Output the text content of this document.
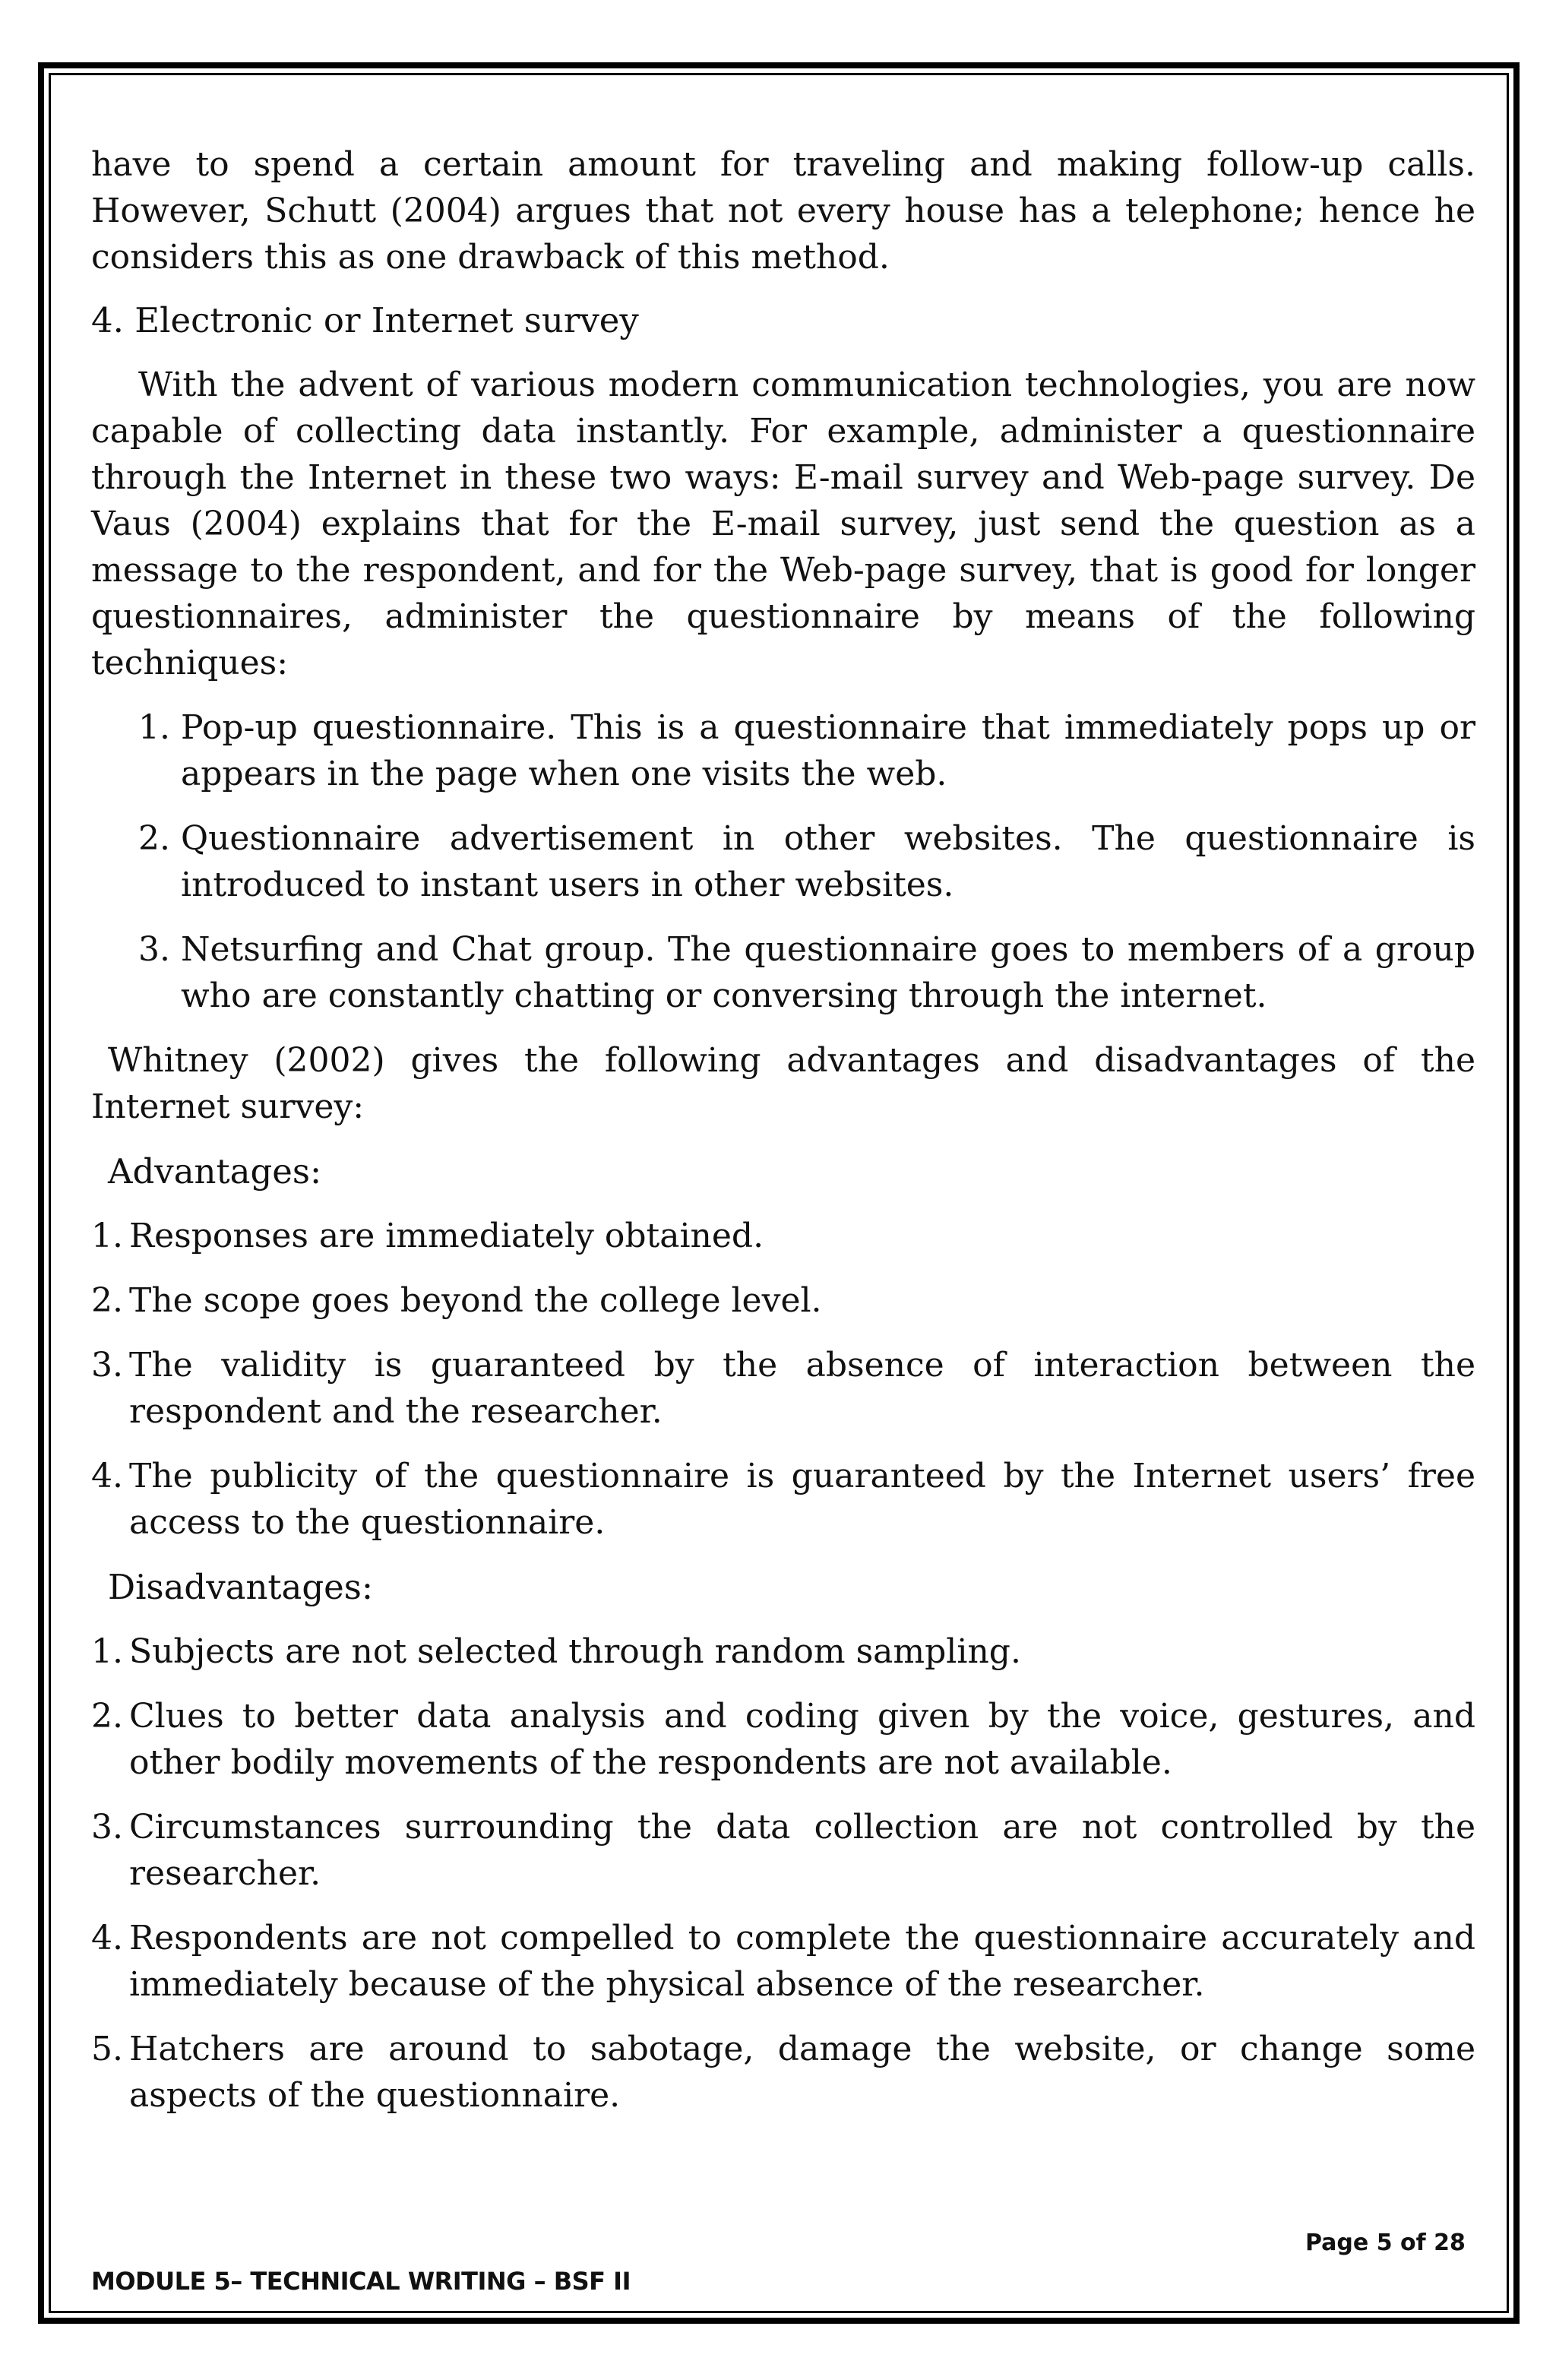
have to spend a certain amount for traveling and making follow-up calls. However, Schutt (2004) argues that not every house has a telephone; hence he considers this as one drawback of this method.

4. Electronic or Internet survey

With the advent of various modern communication technologies, you are now capable of collecting data instantly. For example, administer a questionnaire through the Internet in these two ways: E-mail survey and Web-page survey. De Vaus (2004) explains that for the E-mail survey, just send the question as a message to the respondent, and for the Web-page survey, that is good for longer questionnaires, administer the questionnaire by means of the following techniques:

1. Pop-up questionnaire. This is a questionnaire that immediately pops up or appears in the page when one visits the web.
2. Questionnaire advertisement in other websites. The questionnaire is introduced to instant users in other websites.
3. Netsurfing and Chat group. The questionnaire goes to members of a group who are constantly chatting or conversing through the internet.

Whitney (2002) gives the following advantages and disadvantages of the Internet survey:

Advantages:

1. Responses are immediately obtained.
2. The scope goes beyond the college level.
3. The validity is guaranteed by the absence of interaction between the respondent and the researcher.
4. The publicity of the questionnaire is guaranteed by the Internet users’ free access to the questionnaire.

Disadvantages:

1. Subjects are not selected through random sampling.
2. Clues to better data analysis and coding given by the voice, gestures, and other bodily movements of the respondents are not available.
3. Circumstances surrounding the data collection are not controlled by the researcher.
4. Respondents are not compelled to complete the questionnaire accurately and immediately because of the physical absence of the researcher.
5. Hatchers are around to sabotage, damage the website, or change some aspects of the questionnaire.
Page 5 of 28
MODULE 5– TECHNICAL WRITING – BSF II
